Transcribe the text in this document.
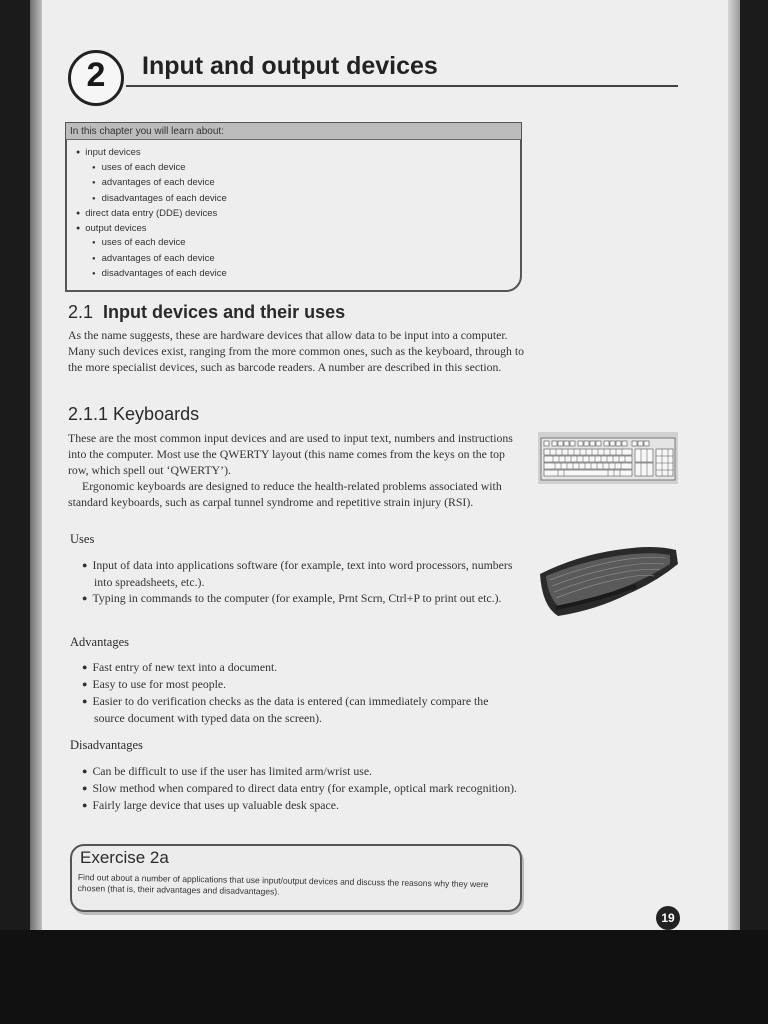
2	Input and output devices
In this chapter you will learn about:
● input devices
● uses of each device
● advantages of each device
● disadvantages of each device
● direct data entry (DDE) devices
● output devices
● uses of each device
● advantages of each device
● disadvantages of each device
2.1 Input devices and their uses

As the name suggests, these are hardware devices that allow data to be input into a computer. Many such devices exist, ranging from the more common ones, such as the keyboard, through to the more specialist devices, such as barcode readers. A number are described in this section.

2.1.1 Keyboards

These are the most common input devices and are used to input text, numbers and instructions into the computer. Most use the QWERTY layout (this name comes from the keys on the top row, which spell out ‘QWERTY’).

Ergonomic keyboards are designed to reduce the health-related problems associated with standard keyboards, such as carpal tunnel syndrome and repetitive strain injury (RSI).

Uses
● Input of data into applications software (for example, text into word processors, numbers into spreadsheets, etc.).
● Typing in commands to the computer (for example, Prnt Scrn, Ctrl+P to print out etc.).
Advantages
● Fast entry of new text into a document.
● Easy to use for most people.
● Easier to do verification checks as the data is entered (can immediately compare the source document with typed data on the screen).
Disadvantages
● Can be difficult to use if the user has limited arm/wrist use.
● Slow method when compared to direct data entry (for example, optical mark recognition).
● Fairly large device that uses up valuable desk space.
Exercise 2a
Find out about a number of applications that use input/output devices and discuss the reasons why they were chosen (that is, their advantages and disadvantages).
19
